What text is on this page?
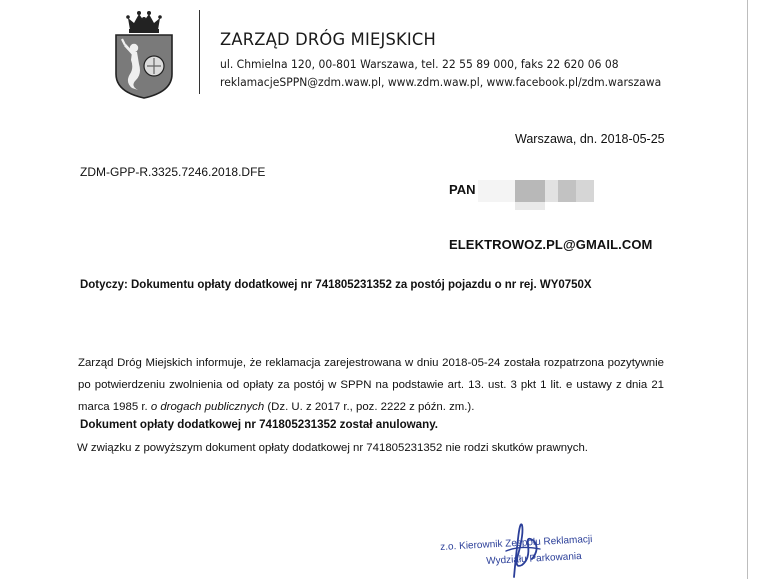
ZARZĄD DRÓG MIEJSKICH
ul. Chmielna 120, 00-801 Warszawa, tel. 22 55 89 000, faks 22 620 06 08
reklamacjeSPPN@zdm.waw.pl, www.zdm.waw.pl, www.facebook.pl/zdm.warszawa
Warszawa, dn. 2018-05-25
ZDM-GPP-R.3325.7246.2018.DFE
PAN
ELEKTROWOZ.PL@GMAIL.COM
Dotyczy: Dokumentu opłaty dodatkowej nr 741805231352 za postój pojazdu o nr rej. WY0750X

Zarząd Dróg Miejskich informuje, że reklamacja zarejestrowana w dniu 2018-05-24 została rozpatrzona pozytywnie po potwierdzeniu zwolnienia od opłaty za postój w SPPN na podstawie art. 13. ust. 3 pkt 1 lit. e ustawy z dnia 21 marca 1985 r. o drogach publicznych (Dz. U. z 2017 r., poz. 2222 z późn. zm.).

Dokument opłaty dodatkowej nr 741805231352 został anulowany.
W związku z powyższym dokument opłaty dodatkowej nr 741805231352 nie rodzi skutków prawnych.
z.o. Kierownik Zespołu Reklamacji
Wydziału Parkowania
